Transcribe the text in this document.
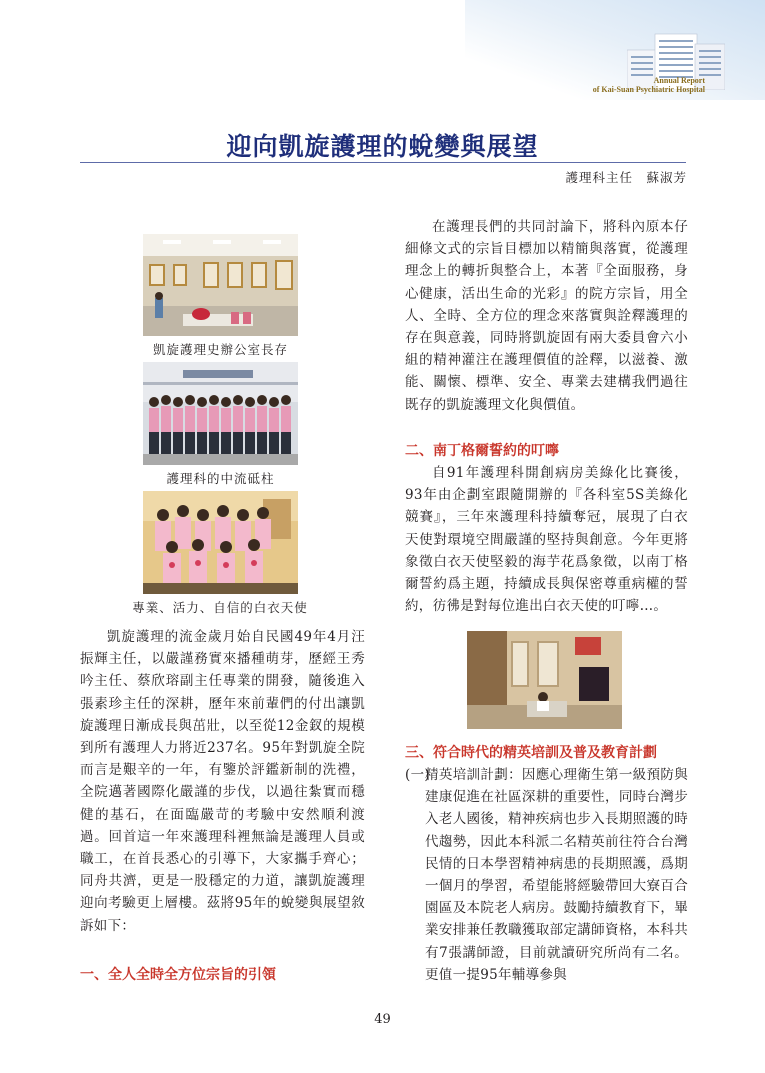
Annual Report
of Kai-Suan Psychiatric Hospital
迎向凱旋護理的蛻變與展望
護理科主任　蘇淑芳
凱旋護理史辦公室長存
護理科的中流砥柱
專業、活力、自信的白衣天使

凱旋護理的流金歲月始自民國49年4月汪振輝主任，以嚴謹務實來播種萌芽，歷經王秀吟主任、蔡欣瑢副主任專業的開發，隨後進入張素珍主任的深耕，歷年來前輩們的付出讓凱旋護理日漸成長與茁壯，以至從12金釵的規模到所有護理人力將近237名。95年對凱旋全院而言是艱辛的一年，有鑒於評鑑新制的洗禮，全院邁著國際化嚴謹的步伐，以過往紮實而穩健的基石，在面臨嚴苛的考驗中安然順利渡過。回首這一年來護理科裡無論是護理人員或職工，在首長悉心的引導下，大家攜手齊心；同舟共濟，更是一股穩定的力道，讓凱旋護理迎向考驗更上層樓。茲將95年的蛻變與展望敘訴如下：

一、全人全時全方位宗旨的引領

在護理長們的共同討論下，將科內原本仔細條文式的宗旨目標加以精簡與落實，從護理理念上的轉折與整合上，本著『全面服務，身心健康，活出生命的光彩』的院方宗旨，用全人、全時、全方位的理念來落實與詮釋護理的存在與意義，同時將凱旋固有兩大委員會六小組的精神灌注在護理價值的詮釋，以滋養、激能、關懷、標準、安全、專業去建構我們過往既存的凱旋護理文化與價值。

二、南丁格爾誓約的叮嚀

自91年護理科開創病房美綠化比賽後，93年由企劃室跟隨開辦的『各科室5S美綠化競賽』，三年來護理科持續奪冠，展現了白衣天使對環境空間嚴謹的堅持與創意。今年更將象徵白衣天使堅毅的海芋花爲象徵，以南丁格爾誓約爲主題，持續成長與保密尊重病權的誓約，彷彿是對每位進出白衣天使的叮嚀…。

三、符合時代的精英培訓及普及教育計劃
(一)
精英培訓計劃：因應心理衛生第一級預防與建康促進在社區深耕的重要性，同時台灣步入老人國後，精神疾病也步入長期照護的時代趨勢，因此本科派二名精英前往符合台灣民情的日本學習精神病患的長期照護，爲期一個月的學習，希望能將經驗帶回大寮百合園區及本院老人病房。鼓勵持續教育下，畢業安排兼任教職獲取部定講師資格，本科共有7張講師證，目前就讀研究所尚有二名。更值一提95年輔導參與
49
